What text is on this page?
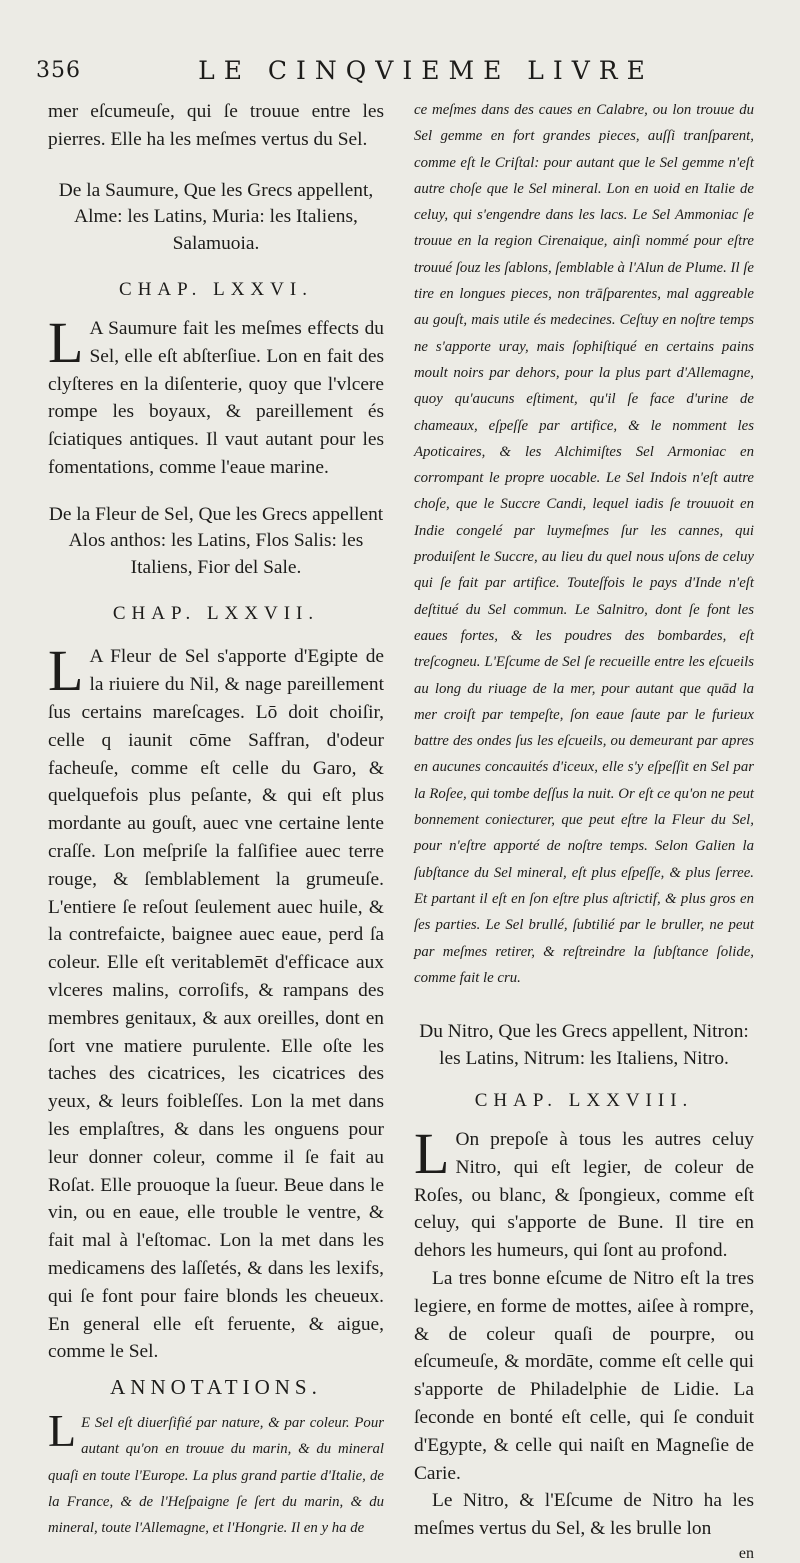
356	LE CINQVIEME LIVRE

mer eſcumeuſe, qui ſe trouue entre les pierres. Elle ha les meſmes vertus du Sel.

De la Saumure, Que les Grecs appellent, Alme: les Latins, Muria: les Italiens, Salamuoia.

CHAP. LXXVI.

L A Saumure fait les meſmes effects du Sel, elle eſt abſterſiue. Lon en fait des clyſteres en la diſenterie, quoy que l'vlcere rompe les boyaux, & pareillement és ſciatiques antiques. Il vaut autant pour les fomentations, comme l'eaue marine.

De la Fleur de Sel, Que les Grecs appellent Alos anthos: les Latins, Flos Salis: les Italiens, Fior del Sale.

CHAP. LXXVII.

L A Fleur de Sel s'apporte d'Egipte de la riuiere du Nil, & nage pareillement ſus certains mareſcages. Lō doit choiſir, celle q iaunit cōme Saffran, d'odeur facheuſe, comme eſt celle du Garo, & quelquefois plus peſante, & qui eſt plus mordante au gouſt, auec vne certaine lente craſſe. Lon meſpriſe la falſifiee auec terre rouge, & ſemblablement la grumeuſe. L'entiere ſe reſout ſeulement auec huile, & la contrefaicte, baignee auec eaue, perd ſa coleur. Elle eſt veritablemēt d'efficace aux vlceres malins, corroſifs, & rampans des membres genitaux, & aux oreilles, dont en ſort vne matiere purulente. Elle oſte les taches des cicatrices, les cicatrices des yeux, & leurs foibleſſes. Lon la met dans les emplaſtres, & dans les onguens pour leur donner coleur, comme il ſe fait au Roſat. Elle prouoque la ſueur. Beue dans le vin, ou en eaue, elle trouble le ventre, & fait mal à l'eſtomac. Lon la met dans les medicamens des laſſetés, & dans les lexifs, qui ſe font pour faire blonds les cheueux. En general elle eſt feruente, & aigue, comme le Sel.

ANNOTATIONS.

L E Sel eſt diuerſifié par nature, & par coleur. Pour autant qu'on en trouue du marin, & du mineral quaſi en toute l'Europe. La plus grand partie d'Italie, de la France, & de l'Heſpaigne ſe ſert du marin, & du mineral, toute l'Allemagne, et l'Hongrie. Il en y ha de

ce meſmes dans des caues en Calabre, ou lon trouue du Sel gemme en fort grandes pieces, auſſi tranſparent, comme eſt le Criſtal: pour autant que le Sel gemme n'eſt autre choſe que le Sel mineral. Lon en uoid en Italie de celuy, qui s'engendre dans les lacs. Le Sel Ammoniac ſe trouue en la region Cirenaique, ainſi nommé pour eſtre trouué ſouz les ſablons, ſemblable à l'Alun de Plume. Il ſe tire en longues pieces, non trāſparentes, mal aggreable au gouſt, mais utile és medecines. Ceſtuy en noſtre temps ne s'apporte uray, mais ſophiſtiqué en certains pains moult noirs par dehors, pour la plus part d'Allemagne, quoy qu'aucuns eſtiment, qu'il ſe face d'urine de chameaux, eſpeſſe par artifice, & le nomment les Apoticaires, & les Alchimiſtes Sel Armoniac en corrompant le propre uocable. Le Sel Indois n'eſt autre choſe, que le Succre Candi, lequel iadis ſe trouuoit en Indie congelé par luymeſmes ſur les cannes, qui produiſent le Succre, au lieu du quel nous uſons de celuy qui ſe fait par artifice. Touteſfois le pays d'Inde n'eſt deſtitué du Sel commun. Le Salnitro, dont ſe font les eaues fortes, & les poudres des bombardes, eſt treſcogneu. L'Eſcume de Sel ſe recueille entre les eſcueils au long du riuage de la mer, pour autant que quād la mer croiſt par tempeſte, ſon eaue ſaute par le furieux battre des ondes ſus les eſcueils, ou demeurant par apres en aucunes concauités d'iceux, elle s'y eſpeſſit en Sel par la Roſee, qui tombe deſſus la nuit. Or eſt ce qu'on ne peut bonnement coniecturer, que peut eſtre la Fleur du Sel, pour n'eſtre apporté de noſtre temps. Selon Galien la ſubſtance du Sel mineral, eſt plus eſpeſſe, & plus ſerree. Et partant il eſt en ſon eſtre plus aſtrictif, & plus gros en ſes parties. Le Sel brullé, ſubtilié par le bruller, ne peut par meſmes retirer, & reſtreindre la ſubſtance ſolide, comme fait le cru.

Du Nitro, Que les Grecs appellent, Nitron: les Latins, Nitrum: les Italiens, Nitro.

CHAP. LXXVIII.

L On prepoſe à tous les autres celuy Nitro, qui eſt legier, de coleur de Roſes, ou blanc, & ſpongieux, comme eſt celuy, qui s'apporte de Bune. Il tire en dehors les humeurs, qui ſont au profond.

La tres bonne eſcume de Nitro eſt la tres legiere, en forme de mottes, aiſee à rompre, & de coleur quaſi de pourpre, ou eſcumeuſe, & mordāte, comme eſt celle qui s'apporte de Philadelphie de Lidie. La ſeconde en bonté eſt celle, qui ſe conduit d'Egypte, & celle qui naiſt en Magneſie de Carie.

Le Nitro, & l'Eſcume de Nitro ha les meſmes vertus du Sel, & les brulle lon

en
